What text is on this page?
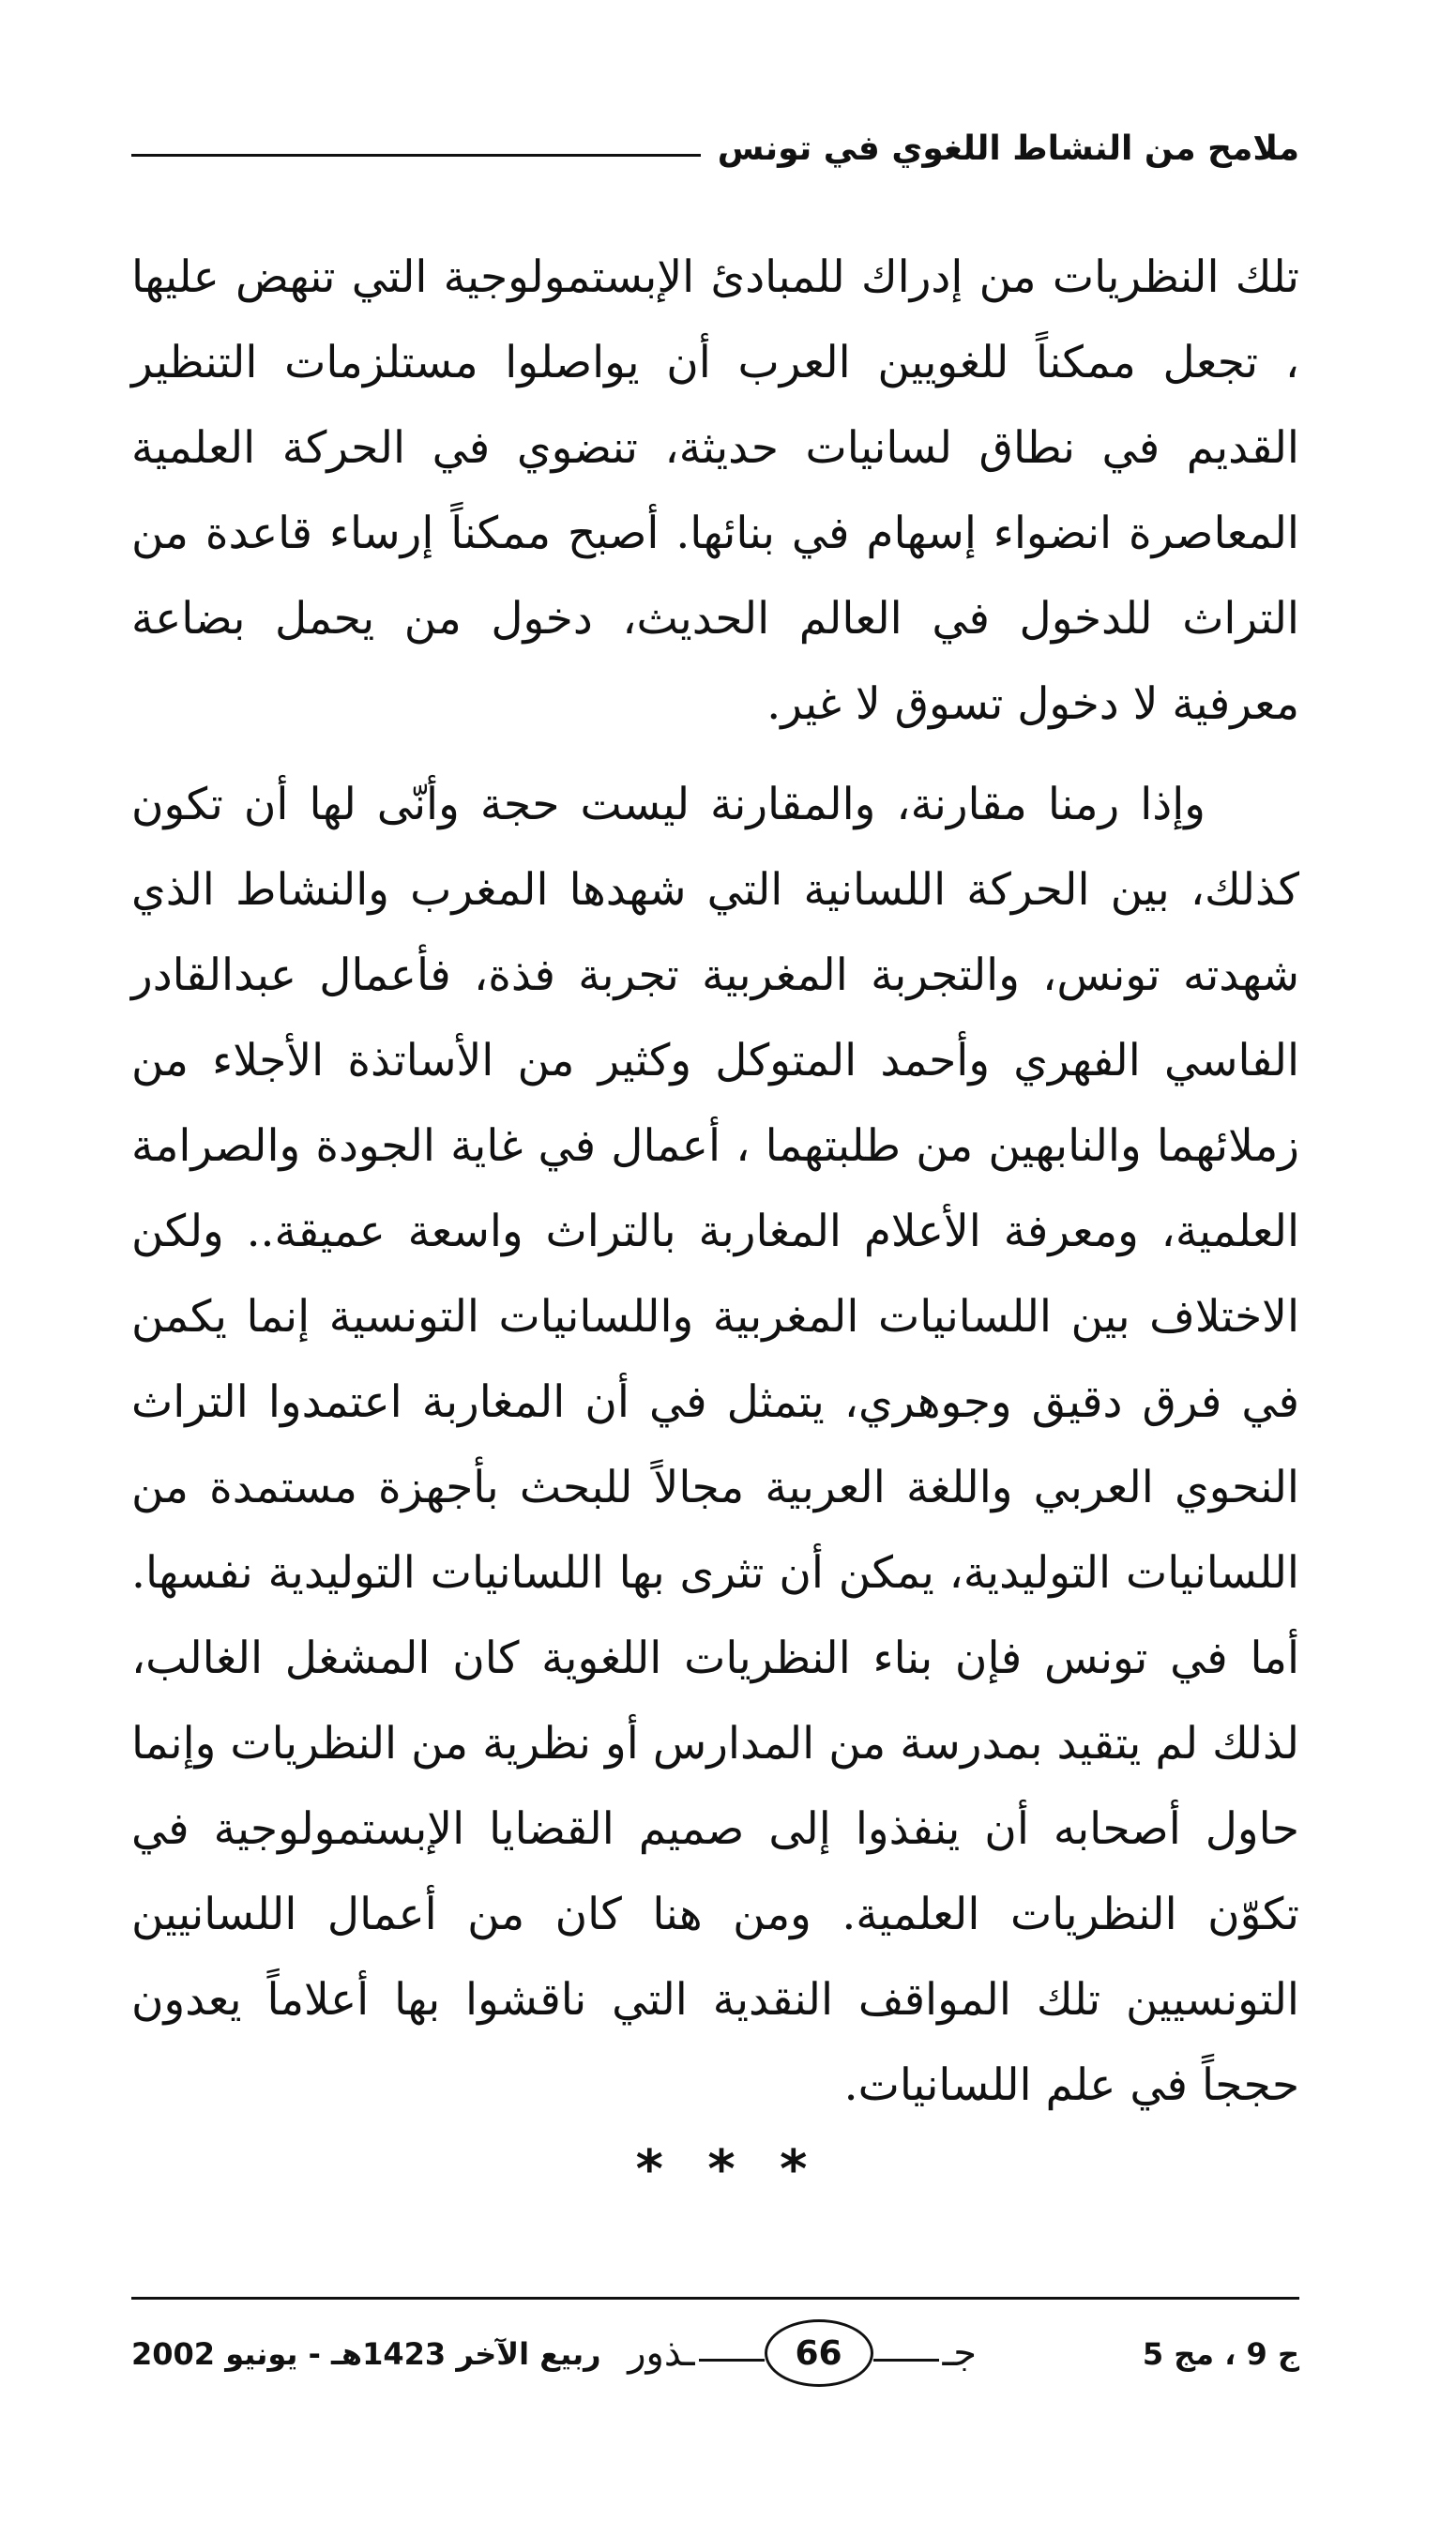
ملامح من النشاط اللغوي في تونس

تلك النظريات من إدراك للمبادئ الإبستمولوجية التي تنهض عليها ، تجعل ممكناً للغويين العرب أن يواصلوا مستلزمات التنظير القديم في نطاق لسانيات حديثة، تنضوي في الحركة العلمية المعاصرة انضواء إسهام في بنائها. أصبح ممكناً إرساء قاعدة من التراث للدخول في العالم الحديث، دخول من يحمل بضاعة معرفية لا دخول تسوق لا غير.

وإذا رمنا مقارنة، والمقارنة ليست حجة وأنّى لها أن تكون كذلك، بين الحركة اللسانية التي شهدها المغرب والنشاط الذي شهدته تونس، والتجربة المغربية تجربة فذة، فأعمال عبدالقادر الفاسي الفهري وأحمد المتوكل وكثير من الأساتذة الأجلاء من زملائهما والنابهين من طلبتهما ، أعمال في غاية الجودة والصرامة العلمية، ومعرفة الأعلام المغاربة بالتراث واسعة عميقة.. ولكن الاختلاف بين اللسانيات المغربية واللسانيات التونسية إنما يكمن في فرق دقيق وجوهري، يتمثل في أن المغاربة اعتمدوا التراث النحوي العربي واللغة العربية مجالاً للبحث بأجهزة مستمدة من اللسانيات التوليدية، يمكن أن تثرى بها اللسانيات التوليدية نفسها. أما في تونس فإن بناء النظريات اللغوية كان المشغل الغالب، لذلك لم يتقيد بمدرسة من المدارس أو نظرية من النظريات وإنما حاول أصحابه أن ينفذوا إلى صميم القضايا الإبستمولوجية في تكوّن النظريات العلمية. ومن هنا كان من أعمال اللسانيين التونسيين تلك المواقف النقدية التي ناقشوا بها أعلاماً يعدون حججاً في علم اللسانيات.

* * *
ج 9 ، مج 5
جـ
66
ـذور
ربيع الآخر 1423هـ - يونيو 2002
